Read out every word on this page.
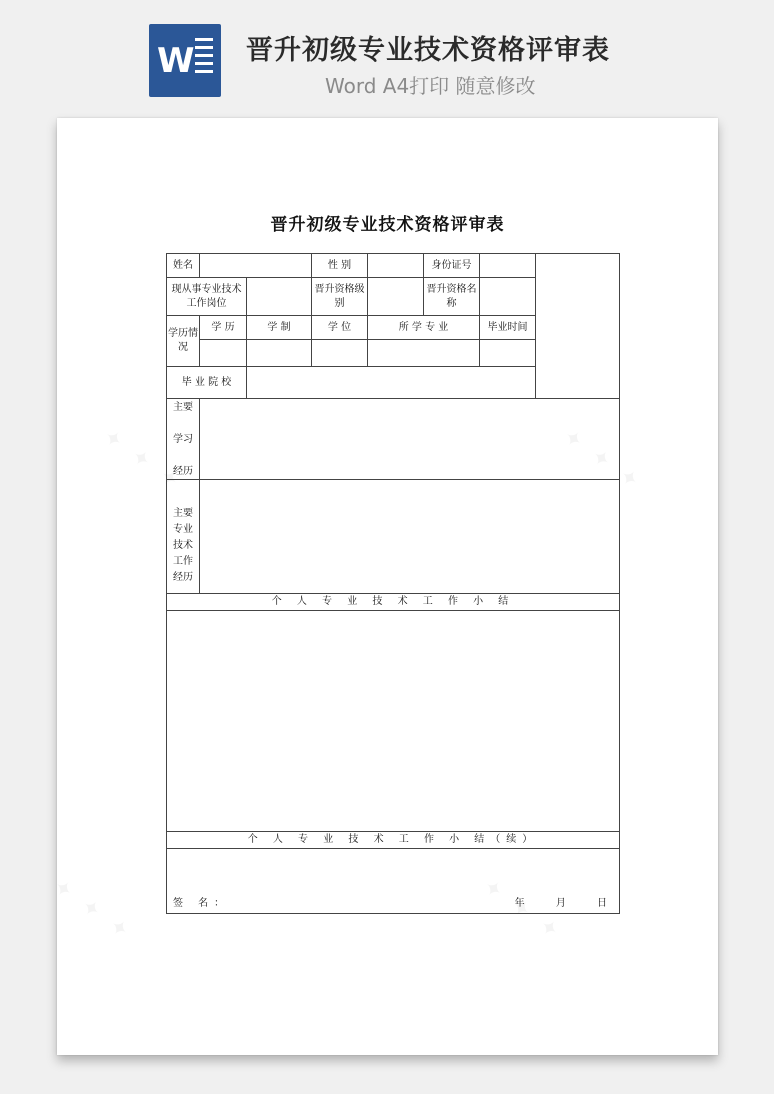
W 晋升初级专业技术资格评审表
Word A4打印 随意修改
晋升初级专业技术资格评审表
姓名			性 别		身份证号		
现从事专业技术工作岗位			晋升资格级别		晋升资格名称		
学历情况	学 历	学 制	学 位	所 学 专 业		毕业时间	

毕 业 院 校							

主要
学习
经历							

主要
专业
技术
工作
经历							

个 人 专 业 技 术 工 作 小 结							

个 人 专 业 技 术 工 作 小 结（续）							

签 名： 年 月 日							
